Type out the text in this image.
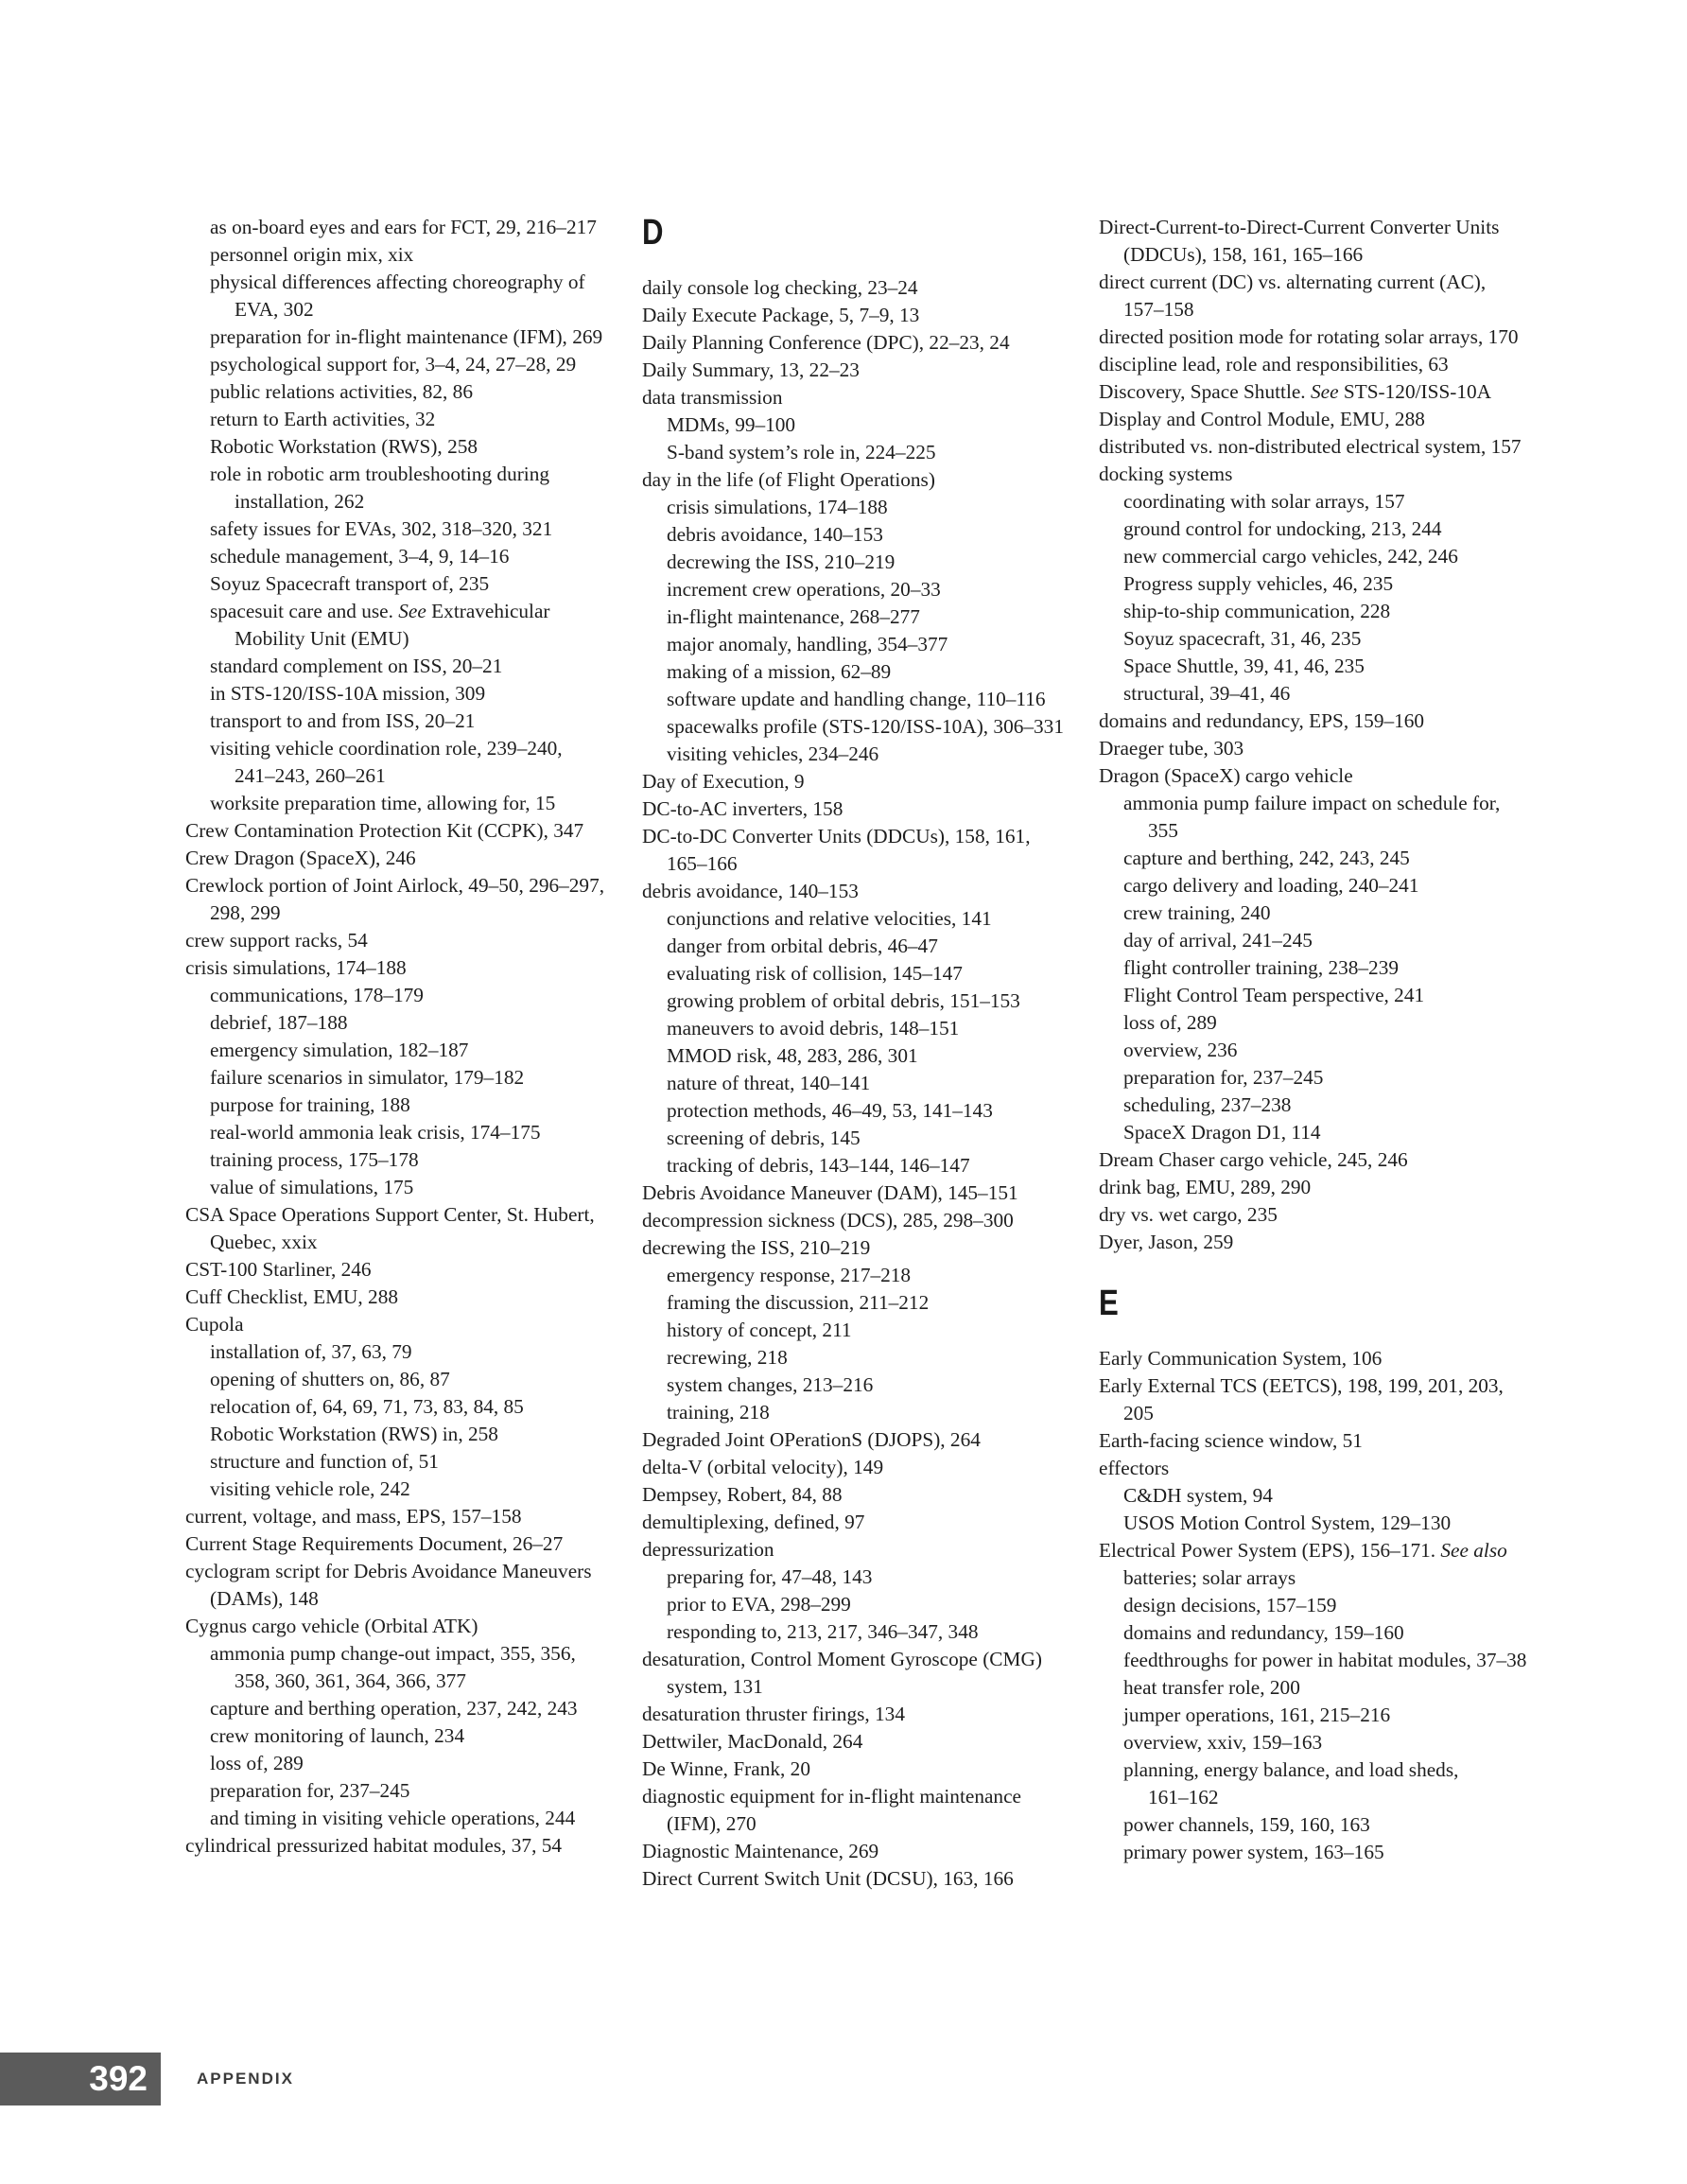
as on-board eyes and ears for FCT, 29, 216–217
personnel origin mix, xix
physical differences affecting choreography of
EVA, 302
preparation for in-flight maintenance (IFM), 269
psychological support for, 3–4, 24, 27–28, 29
public relations activities, 82, 86
return to Earth activities, 32
Robotic Workstation (RWS), 258
role in robotic arm troubleshooting during
installation, 262
safety issues for EVAs, 302, 318–320, 321
schedule management, 3–4, 9, 14–16
Soyuz Spacecraft transport of, 235
spacesuit care and use. See Extravehicular
Mobility Unit (EMU)
standard complement on ISS, 20–21
in STS-120/ISS-10A mission, 309
transport to and from ISS, 20–21
visiting vehicle coordination role, 239–240,
241–243, 260–261
worksite preparation time, allowing for, 15
Crew Contamination Protection Kit (CCPK), 347
Crew Dragon (SpaceX), 246
Crewlock portion of Joint Airlock, 49–50, 296–297,
298, 299
crew support racks, 54
crisis simulations, 174–188
communications, 178–179
debrief, 187–188
emergency simulation, 182–187
failure scenarios in simulator, 179–182
purpose for training, 188
real-world ammonia leak crisis, 174–175
training process, 175–178
value of simulations, 175
CSA Space Operations Support Center, St. Hubert,
Quebec, xxix
CST-100 Starliner, 246
Cuff Checklist, EMU, 288
Cupola
installation of, 37, 63, 79
opening of shutters on, 86, 87
relocation of, 64, 69, 71, 73, 83, 84, 85
Robotic Workstation (RWS) in, 258
structure and function of, 51
visiting vehicle role, 242
current, voltage, and mass, EPS, 157–158
Current Stage Requirements Document, 26–27
cyclogram script for Debris Avoidance Maneuvers
(DAMs), 148
Cygnus cargo vehicle (Orbital ATK)
ammonia pump change-out impact, 355, 356,
358, 360, 361, 364, 366, 377
capture and berthing operation, 237, 242, 243
crew monitoring of launch, 234
loss of, 289
preparation for, 237–245
and timing in visiting vehicle operations, 244
cylindrical pressurized habitat modules, 37, 54
D
daily console log checking, 23–24
Daily Execute Package, 5, 7–9, 13
Daily Planning Conference (DPC), 22–23, 24
Daily Summary, 13, 22–23
data transmission
MDMs, 99–100
S-band system’s role in, 224–225
day in the life (of Flight Operations)
crisis simulations, 174–188
debris avoidance, 140–153
decrewing the ISS, 210–219
increment crew operations, 20–33
in-flight maintenance, 268–277
major anomaly, handling, 354–377
making of a mission, 62–89
software update and handling change, 110–116
spacewalks profile (STS-120/ISS-10A), 306–331
visiting vehicles, 234–246
Day of Execution, 9
DC-to-AC inverters, 158
DC-to-DC Converter Units (DDCUs), 158, 161,
165–166
debris avoidance, 140–153
conjunctions and relative velocities, 141
danger from orbital debris, 46–47
evaluating risk of collision, 145–147
growing problem of orbital debris, 151–153
maneuvers to avoid debris, 148–151
MMOD risk, 48, 283, 286, 301
nature of threat, 140–141
protection methods, 46–49, 53, 141–143
screening of debris, 145
tracking of debris, 143–144, 146–147
Debris Avoidance Maneuver (DAM), 145–151
decompression sickness (DCS), 285, 298–300
decrewing the ISS, 210–219
emergency response, 217–218
framing the discussion, 211–212
history of concept, 211
recrewing, 218
system changes, 213–216
training, 218
Degraded Joint OPerationS (DJOPS), 264
delta-V (orbital velocity), 149
Dempsey, Robert, 84, 88
demultiplexing, defined, 97
depressurization
preparing for, 47–48, 143
prior to EVA, 298–299
responding to, 213, 217, 346–347, 348
desaturation, Control Moment Gyroscope (CMG)
system, 131
desaturation thruster firings, 134
Dettwiler, MacDonald, 264
De Winne, Frank, 20
diagnostic equipment for in-flight maintenance
(IFM), 270
Diagnostic Maintenance, 269
Direct Current Switch Unit (DCSU), 163, 166
Direct-Current-to-Direct-Current Converter Units
(DDCUs), 158, 161, 165–166
direct current (DC) vs. alternating current (AC),
157–158
directed position mode for rotating solar arrays, 170
discipline lead, role and responsibilities, 63
Discovery, Space Shuttle. See STS-120/ISS-10A
Display and Control Module, EMU, 288
distributed vs. non-distributed electrical system, 157
docking systems
coordinating with solar arrays, 157
ground control for undocking, 213, 244
new commercial cargo vehicles, 242, 246
Progress supply vehicles, 46, 235
ship-to-ship communication, 228
Soyuz spacecraft, 31, 46, 235
Space Shuttle, 39, 41, 46, 235
structural, 39–41, 46
domains and redundancy, EPS, 159–160
Draeger tube, 303
Dragon (SpaceX) cargo vehicle
ammonia pump failure impact on schedule for,
355
capture and berthing, 242, 243, 245
cargo delivery and loading, 240–241
crew training, 240
day of arrival, 241–245
flight controller training, 238–239
Flight Control Team perspective, 241
loss of, 289
overview, 236
preparation for, 237–245
scheduling, 237–238
SpaceX Dragon D1, 114
Dream Chaser cargo vehicle, 245, 246
drink bag, EMU, 289, 290
dry vs. wet cargo, 235
Dyer, Jason, 259
E
Early Communication System, 106
Early External TCS (EETCS), 198, 199, 201, 203,
205
Earth-facing science window, 51
effectors
C&DH system, 94
USOS Motion Control System, 129–130
Electrical Power System (EPS), 156–171. See also
batteries; solar arrays
design decisions, 157–159
domains and redundancy, 159–160
feedthroughs for power in habitat modules, 37–38
heat transfer role, 200
jumper operations, 161, 215–216
overview, xxiv, 159–163
planning, energy balance, and load sheds,
161–162
power channels, 159, 160, 163
primary power system, 163–165
392	APPENDIX
